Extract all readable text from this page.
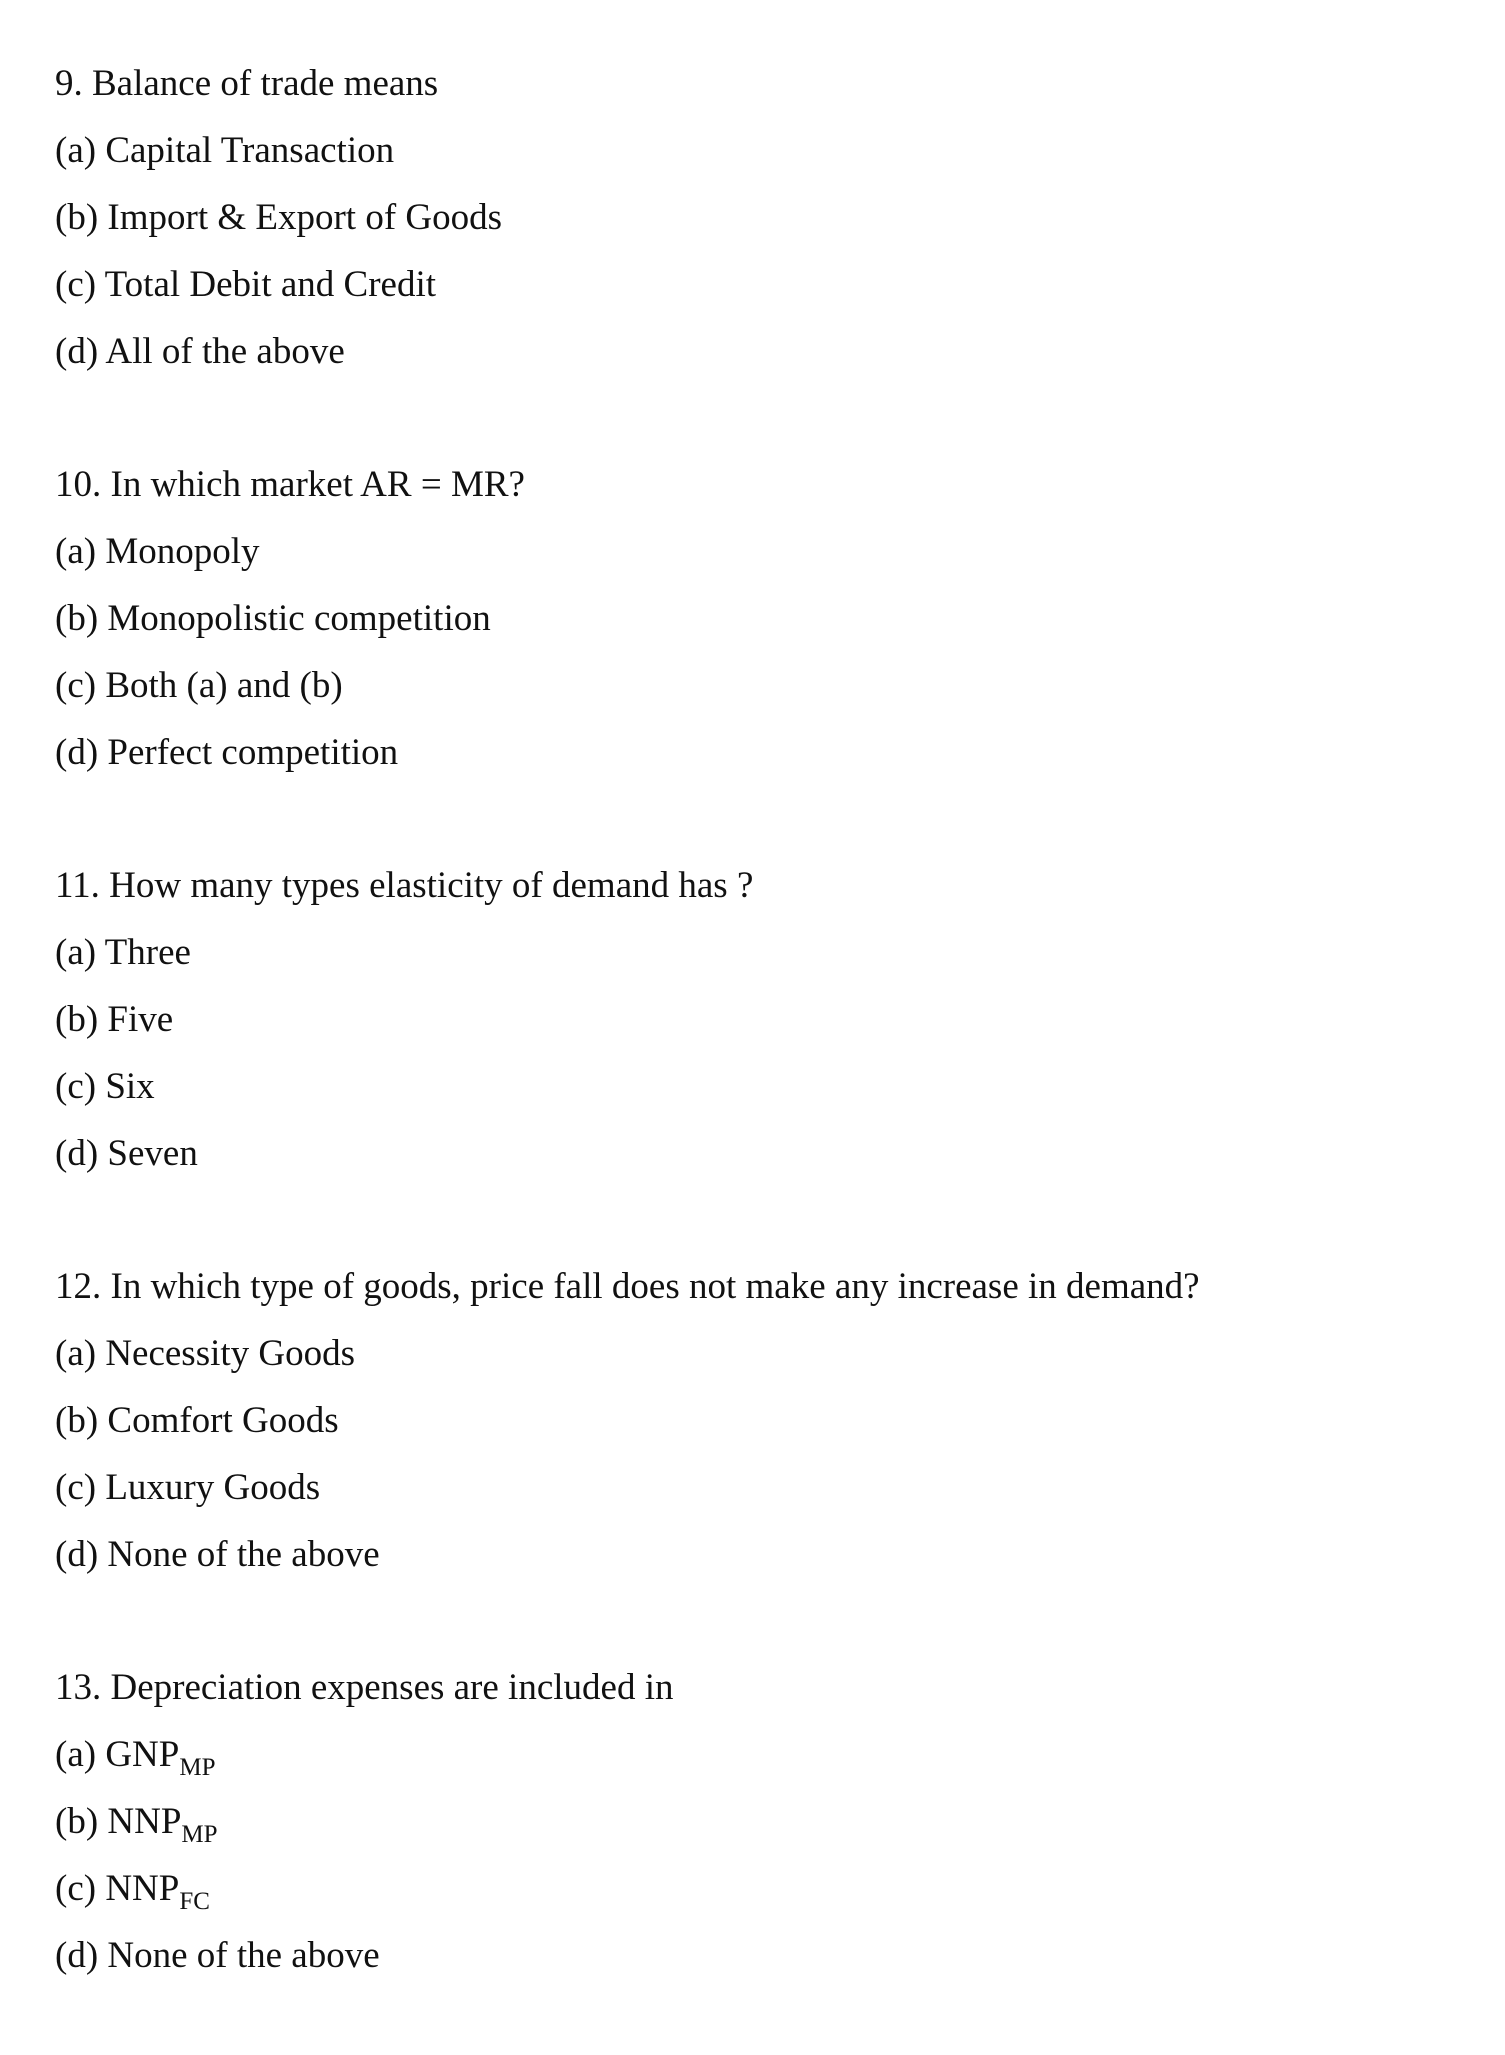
9. Balance of trade means
(a) Capital Transaction
(b) Import & Export of Goods
(c) Total Debit and Credit
(d) All of the above
10. In which market AR = MR?
(a) Monopoly
(b) Monopolistic competition
(c) Both (a) and (b)
(d) Perfect competition
11. How many types elasticity of demand has ?
(a) Three
(b) Five
(c) Six
(d) Seven
12. In which type of goods, price fall does not make any increase in demand?
(a) Necessity Goods
(b) Comfort Goods
(c) Luxury Goods
(d) None of the above
13. Depreciation expenses are included in
(a) $GNP_{MP}$
(b) $NNP_{MP}$
(c) $NNP_{FC}$
(d) None of the above
